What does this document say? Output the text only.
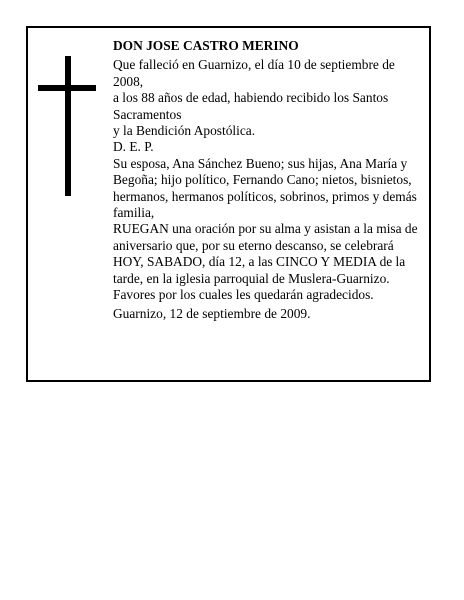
DON JOSE CASTRO MERINO

Que falleció en Guarnizo, el día 10 de septiembre de 2008,

a los 88 años de edad, habiendo recibido los Santos Sacramentos

y la Bendición Apostólica.

D. E. P.

Su esposa, Ana Sánchez Bueno; sus hijas, Ana María y Begoña; hijo político, Fernando Cano; nietos, bisnietos, hermanos, hermanos políticos, sobrinos, primos y demás familia,

RUEGAN una oración por su alma y asistan a la misa de aniversario que, por su eterno descanso, se celebrará HOY, SABADO, día 12, a las CINCO Y MEDIA de la tarde, en la iglesia parroquial de Muslera-Guarnizo.

Favores por los cuales les quedarán agradecidos.

Guarnizo, 12 de septiembre de 2009.
